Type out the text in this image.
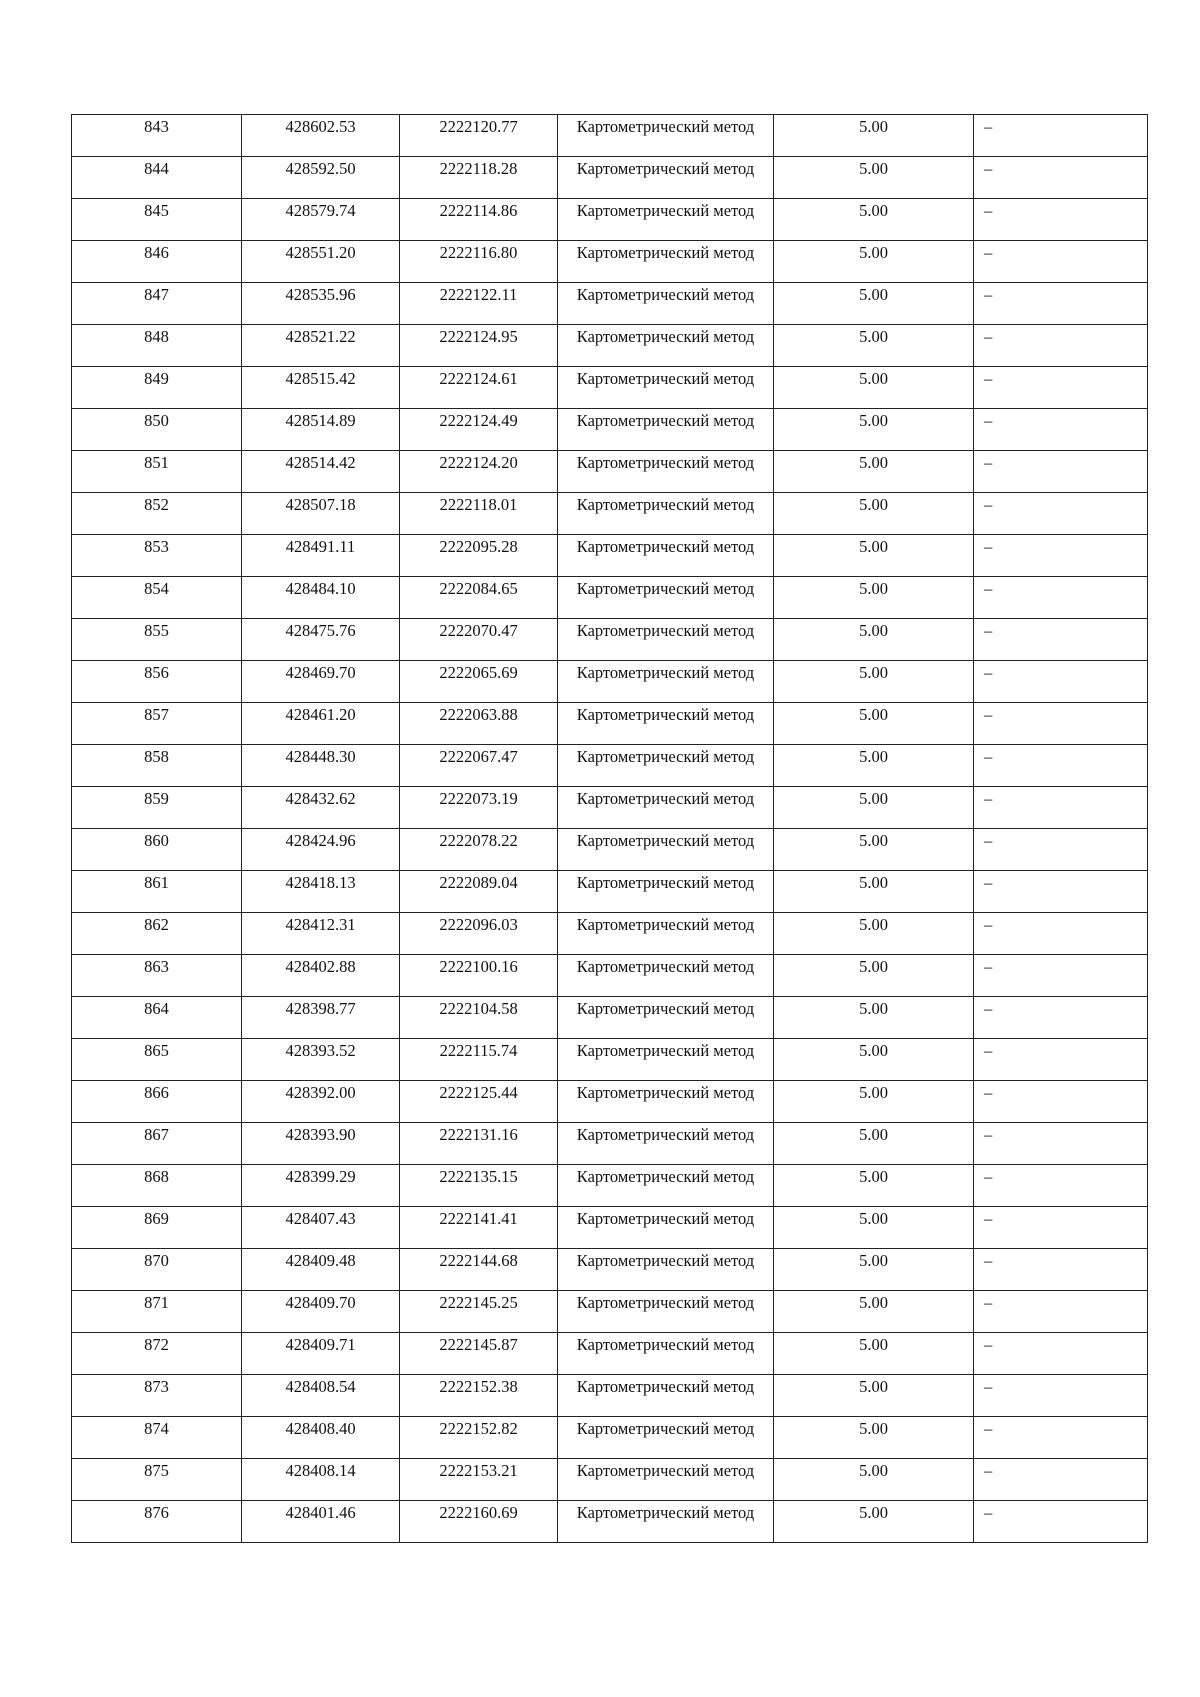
843	428602.53	2222120.77	Картометрический метод	5.00	–
844	428592.50	2222118.28	Картометрический метод	5.00	–
845	428579.74	2222114.86	Картометрический метод	5.00	–
846	428551.20	2222116.80	Картометрический метод	5.00	–
847	428535.96	2222122.11	Картометрический метод	5.00	–
848	428521.22	2222124.95	Картометрический метод	5.00	–
849	428515.42	2222124.61	Картометрический метод	5.00	–
850	428514.89	2222124.49	Картометрический метод	5.00	–
851	428514.42	2222124.20	Картометрический метод	5.00	–
852	428507.18	2222118.01	Картометрический метод	5.00	–
853	428491.11	2222095.28	Картометрический метод	5.00	–
854	428484.10	2222084.65	Картометрический метод	5.00	–
855	428475.76	2222070.47	Картометрический метод	5.00	–
856	428469.70	2222065.69	Картометрический метод	5.00	–
857	428461.20	2222063.88	Картометрический метод	5.00	–
858	428448.30	2222067.47	Картометрический метод	5.00	–
859	428432.62	2222073.19	Картометрический метод	5.00	–
860	428424.96	2222078.22	Картометрический метод	5.00	–
861	428418.13	2222089.04	Картометрический метод	5.00	–
862	428412.31	2222096.03	Картометрический метод	5.00	–
863	428402.88	2222100.16	Картометрический метод	5.00	–
864	428398.77	2222104.58	Картометрический метод	5.00	–
865	428393.52	2222115.74	Картометрический метод	5.00	–
866	428392.00	2222125.44	Картометрический метод	5.00	–
867	428393.90	2222131.16	Картометрический метод	5.00	–
868	428399.29	2222135.15	Картометрический метод	5.00	–
869	428407.43	2222141.41	Картометрический метод	5.00	–
870	428409.48	2222144.68	Картометрический метод	5.00	–
871	428409.70	2222145.25	Картометрический метод	5.00	–
872	428409.71	2222145.87	Картометрический метод	5.00	–
873	428408.54	2222152.38	Картометрический метод	5.00	–
874	428408.40	2222152.82	Картометрический метод	5.00	–
875	428408.14	2222153.21	Картометрический метод	5.00	–
876	428401.46	2222160.69	Картометрический метод	5.00	–
